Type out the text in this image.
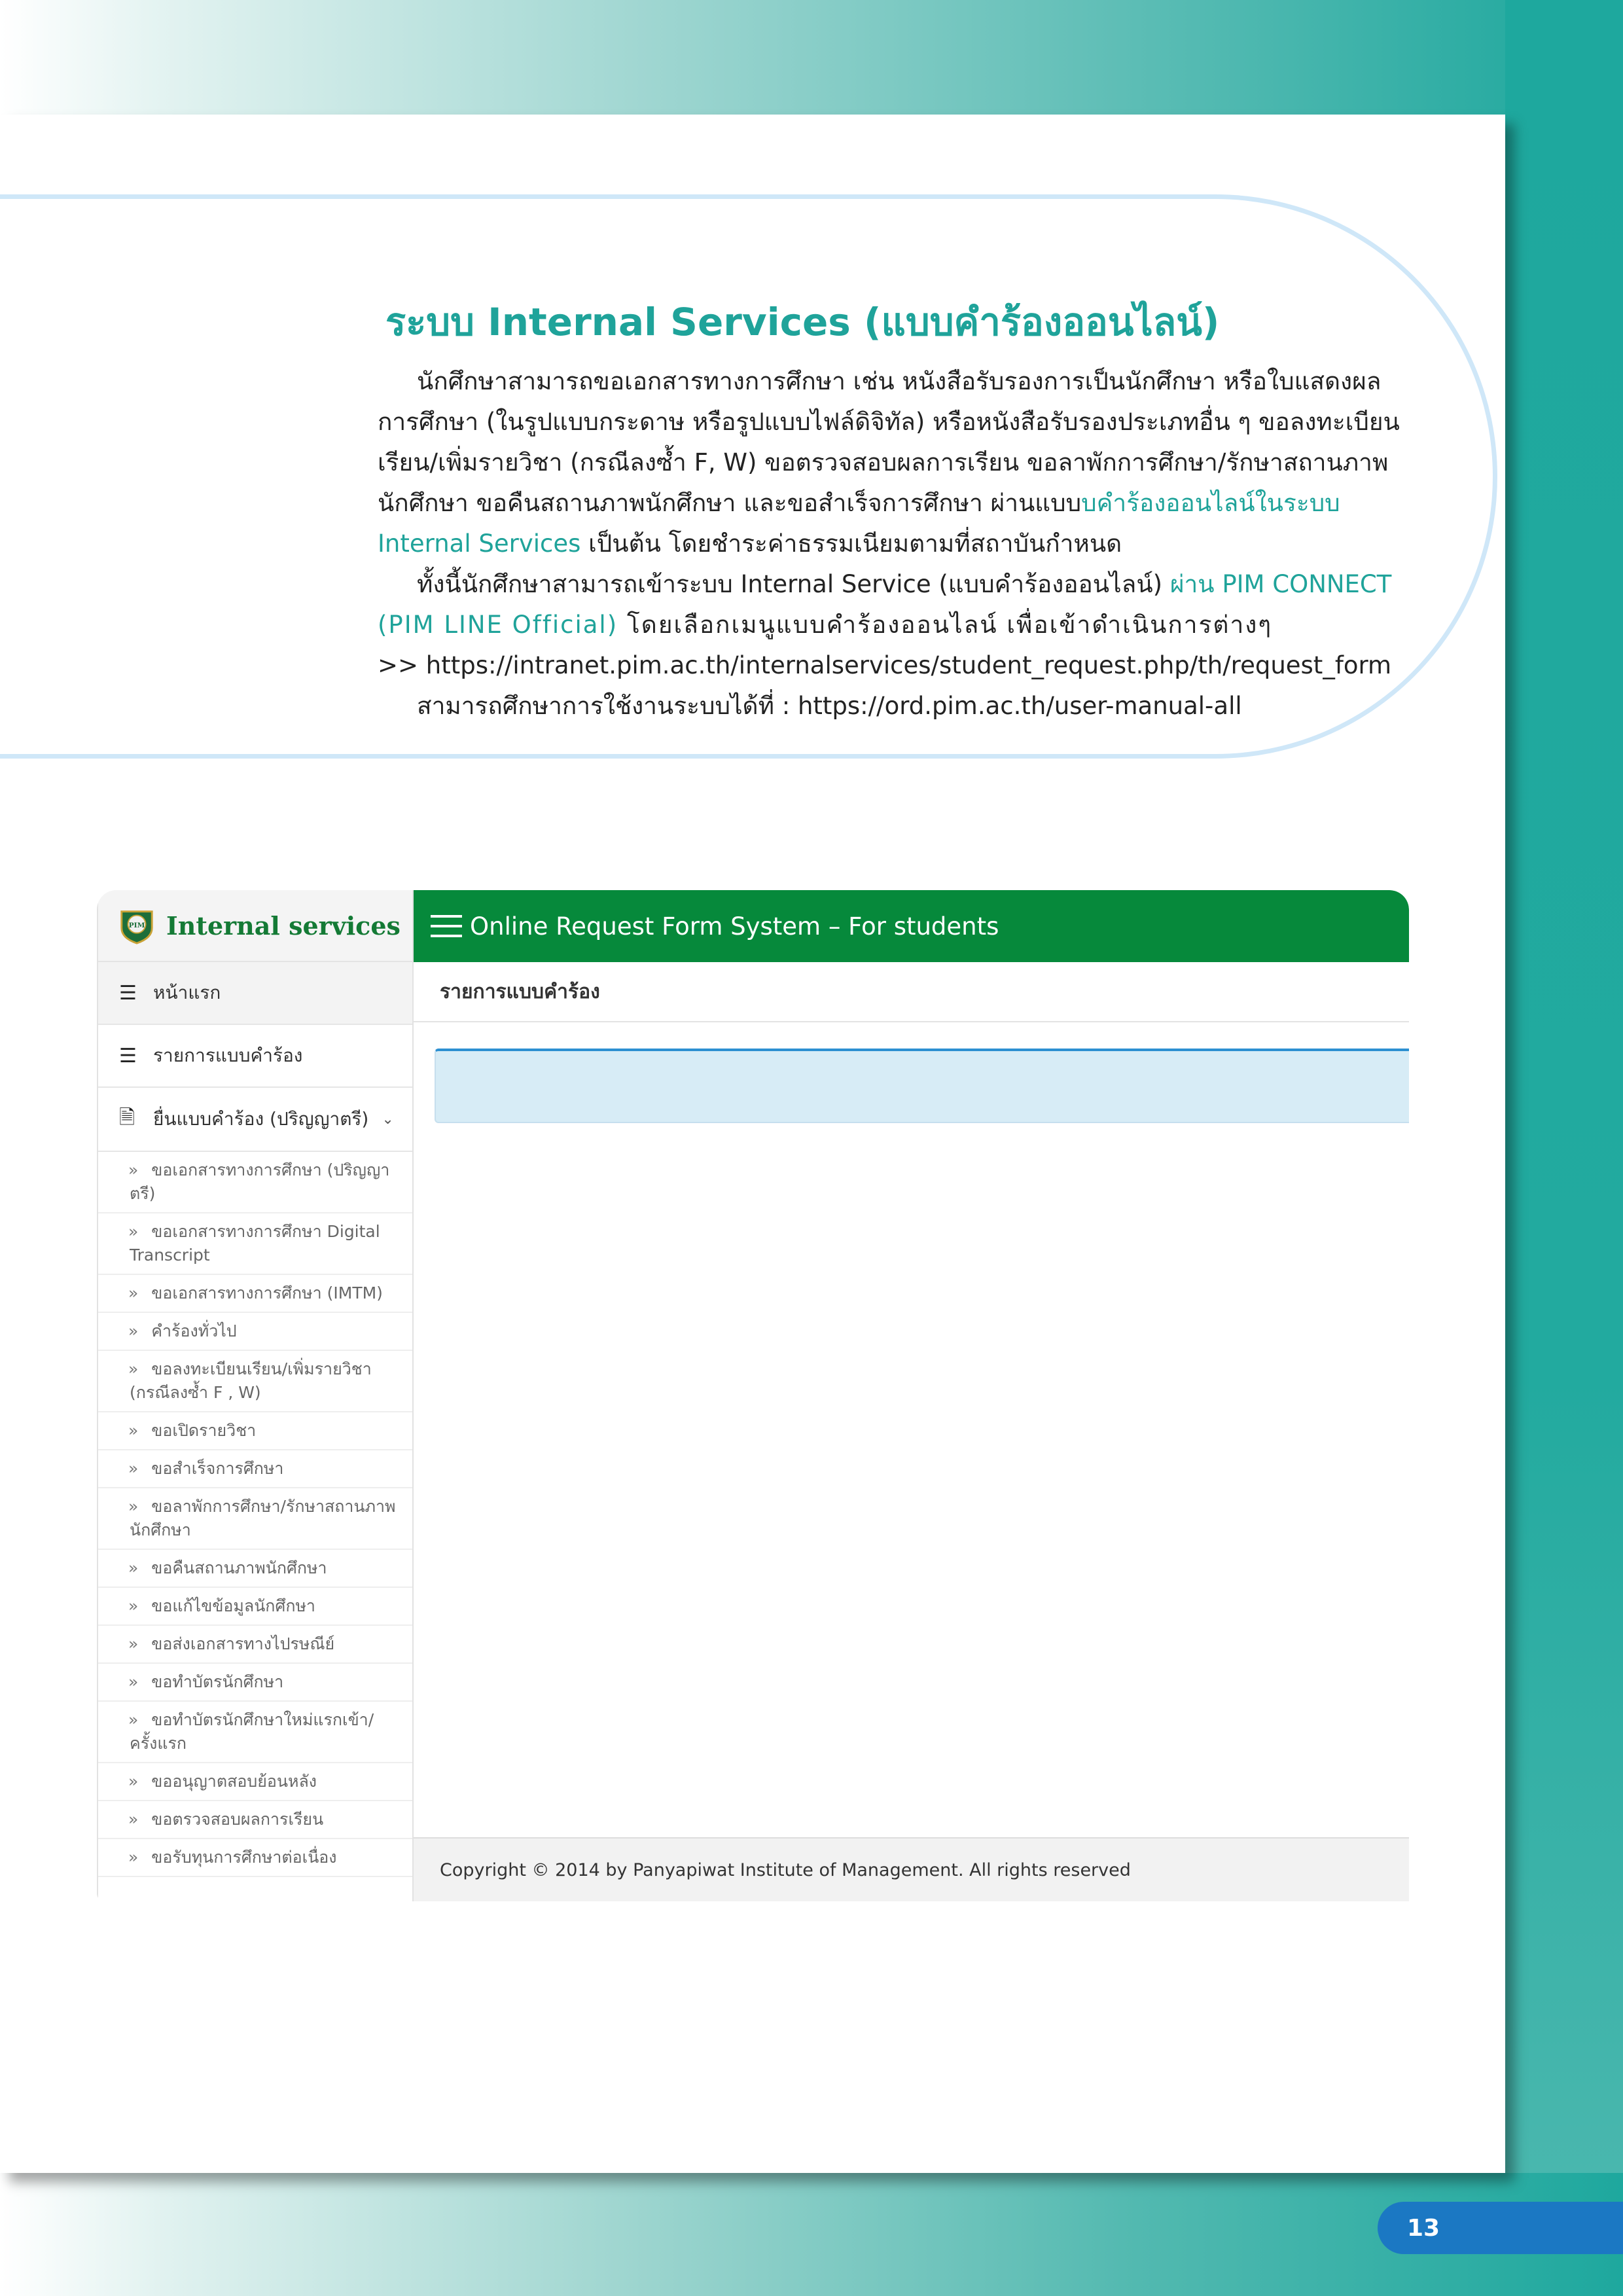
ระบบ Internal Services (แบบคำร้องออนไลน์)

นักศึกษาสามารถขอเอกสารทางการศึกษา เช่น หนังสือรับรองการเป็นนักศึกษา หรือใบแสดงผล
การศึกษา (ในรูปแบบกระดาษ หรือรูปแบบไฟล์ดิจิทัล) หรือหนังสือรับรองประเภทอื่น ๆ ขอลงทะเบียน
เรียน/เพิ่มรายวิชา (กรณีลงซ้ำ F, W) ขอตรวจสอบผลการเรียน ขอลาพักการศึกษา/รักษาสถานภาพ
นักศึกษา ขอคืนสถานภาพนักศึกษา และขอสำเร็จการศึกษา ผ่านแบบบคำร้องออนไลน์ในระบบ
Internal Services เป็นต้น โดยชำระค่าธรรมเนียมตามที่สถาบันกำหนด

ทั้งนี้นักศึกษาสามารถเข้าระบบ Internal Service (แบบคำร้องออนไลน์) ผ่าน PIM CONNECT
(PIM LINE Official) โดยเลือกเมนูแบบคำร้องออนไลน์ เพื่อเข้าดำเนินการต่างๆ
>> https://intranet.pim.ac.th/internalservices/student_request.php/th/request_form
สามารถศึกษาการใช้งานระบบได้ที่ : https://ord.pim.ac.th/user-manual-all

PIM Internal services
☰ หน้าแรก
☰ รายการแบบคำร้อง
🗎 ยื่นแบบคำร้อง (ปริญญาตรี) ⌄
» ขอเอกสารทางการศึกษา (ปริญญาตรี)
» ขอเอกสารทางการศึกษา Digital Transcript
» ขอเอกสารทางการศึกษา (IMTM)
» คำร้องทั่วไป
» ขอลงทะเบียนเรียน/เพิ่มรายวิชา (กรณีลงซ้ำ F , W)
» ขอเปิดรายวิชา
» ขอสำเร็จการศึกษา
» ขอลาพักการศึกษา/รักษาสถานภาพนักศึกษา
» ขอคืนสถานภาพนักศึกษา
» ขอแก้ไขข้อมูลนักศึกษา
» ขอส่งเอกสารทางไปรษณีย์
» ขอทำบัตรนักศึกษา
» ขอทำบัตรนักศึกษาใหม่แรกเข้า/ครั้งแรก
» ขออนุญาตสอบย้อนหลัง
» ขอตรวจสอบผลการเรียน
» ขอรับทุนการศึกษาต่อเนื่อง
Online Request Form System – For students
รายการแบบคำร้อง
Copyright © 2014 by Panyapiwat Institute of Management. All rights reserved
13
